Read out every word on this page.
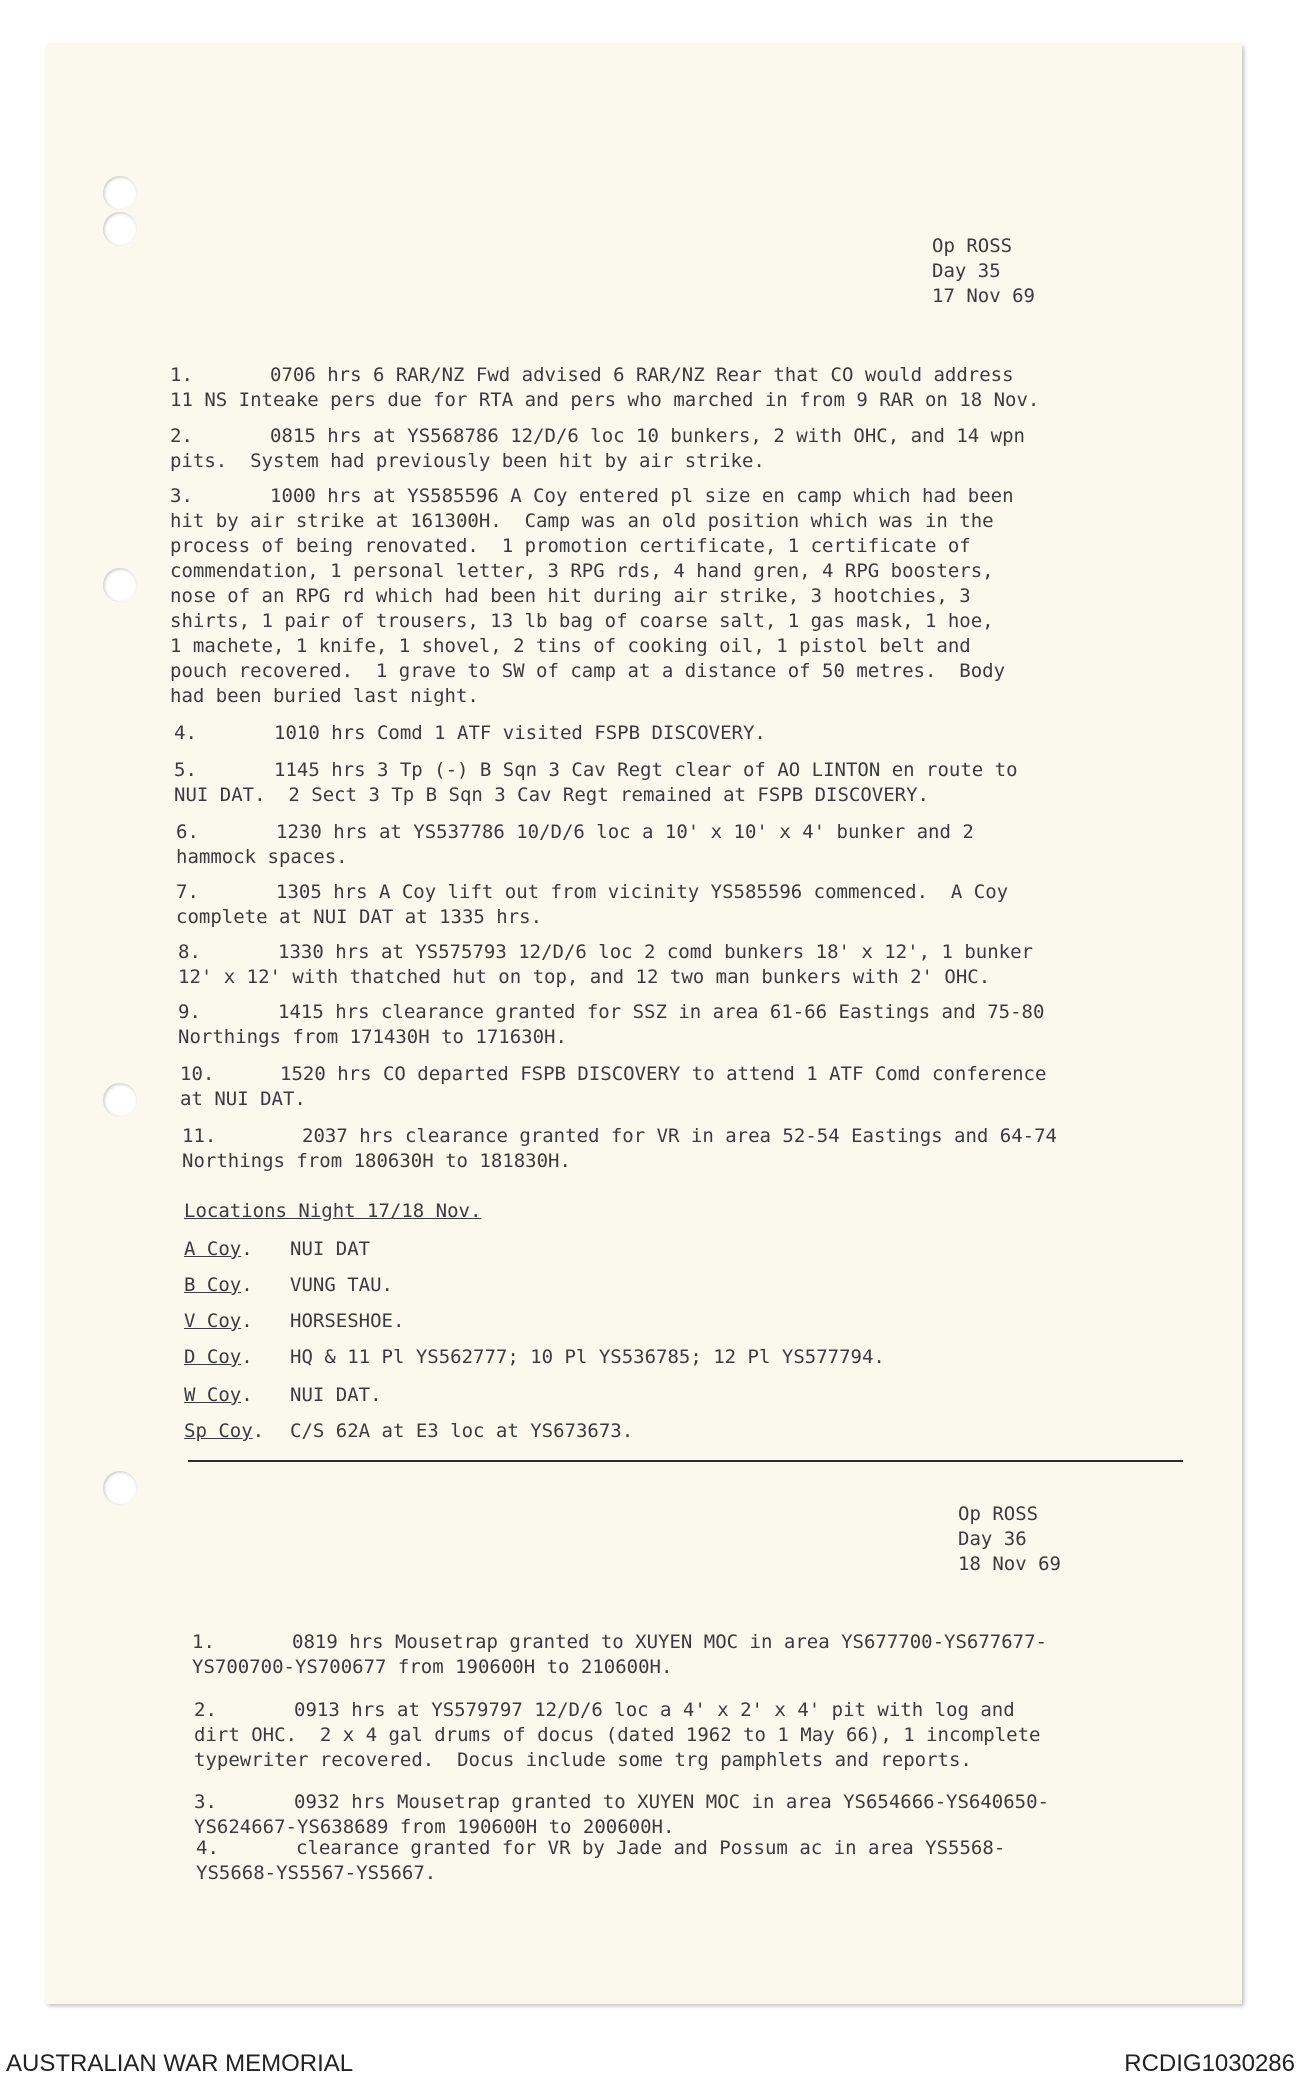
Op ROSS
Day 35
17 Nov 69
1.	0706 hrs 6 RAR/NZ Fwd advised 6 RAR/NZ Rear that CO would address
11 NS Inteake pers due for RTA and pers who marched in from 9 RAR on 18 Nov.
2.	0815 hrs at YS568786 12/D/6 loc 10 bunkers, 2 with OHC, and 14 wpn
pits.  System had previously been hit by air strike.
3.	1000 hrs at YS585596 A Coy entered pl size en camp which had been
hit by air strike at 161300H.  Camp was an old position which was in the
process of being renovated.  1 promotion certificate, 1 certificate of
commendation, 1 personal letter, 3 RPG rds, 4 hand gren, 4 RPG boosters,
nose of an RPG rd which had been hit during air strike, 3 hootchies, 3
shirts, 1 pair of trousers, 13 lb bag of coarse salt, 1 gas mask, 1 hoe,
1 machete, 1 knife, 1 shovel, 2 tins of cooking oil, 1 pistol belt and
pouch recovered.  1 grave to SW of camp at a distance of 50 metres.  Body
had been buried last night.
4.	1010 hrs Comd 1 ATF visited FSPB DISCOVERY.
5.	1145 hrs 3 Tp (-) B Sqn 3 Cav Regt clear of AO LINTON en route to
NUI DAT.  2 Sect 3 Tp B Sqn 3 Cav Regt remained at FSPB DISCOVERY.
6.	1230 hrs at YS537786 10/D/6 loc a 10' x 10' x 4' bunker and 2
hammock spaces.
7.	1305 hrs A Coy lift out from vicinity YS585596 commenced.  A Coy
complete at NUI DAT at 1335 hrs.
8.	1330 hrs at YS575793 12/D/6 loc 2 comd bunkers 18' x 12', 1 bunker
12' x 12' with thatched hut on top, and 12 two man bunkers with 2' OHC.
9.	1415 hrs clearance granted for SSZ in area 61-66 Eastings and 75-80
Northings from 171430H to 171630H.
10.	1520 hrs CO departed FSPB DISCOVERY to attend 1 ATF Comd conference
at NUI DAT.
11.	2037 hrs clearance granted for VR in area 52-54 Eastings and 64-74
Northings from 180630H to 181830H.
Locations Night 17/18 Nov.
A Coy. NUI DAT
B Coy. VUNG TAU.
V Coy. HORSESHOE.
D Coy. HQ & 11 Pl YS562777; 10 Pl YS536785; 12 Pl YS577794.
W Coy. NUI DAT.
Sp Coy. C/S 62A at E3 loc at YS673673.
Op ROSS
Day 36
18 Nov 69
1.	0819 hrs Mousetrap granted to XUYEN MOC in area YS677700-YS677677-
YS700700-YS700677 from 190600H to 210600H.
2.	0913 hrs at YS579797 12/D/6 loc a 4' x 2' x 4' pit with log and
dirt OHC.  2 x 4 gal drums of docus (dated 1962 to 1 May 66), 1 incomplete
typewriter recovered.  Docus include some trg pamphlets and reports.
3.	0932 hrs Mousetrap granted to XUYEN MOC in area YS654666-YS640650-
YS624667-YS638689 from 190600H to 200600H.
4.	clearance granted for VR by Jade and Possum ac in area YS5568-
YS5668-YS5567-YS5667.
AUSTRALIAN WAR MEMORIAL	RCDIG1030286
